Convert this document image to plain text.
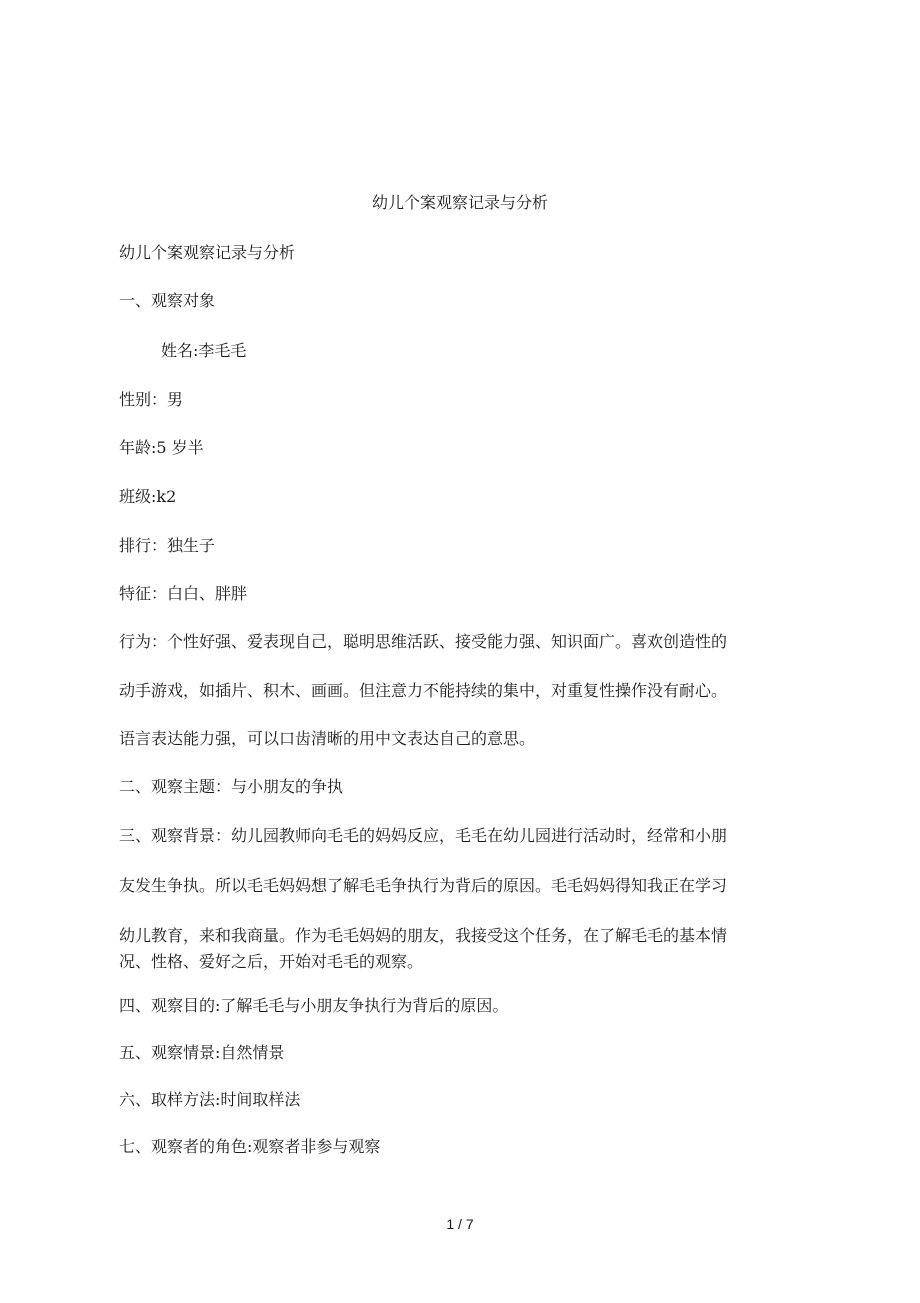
幼儿个案观察记录与分析
幼儿个案观察记录与分析
一、观察对象
姓名:李毛毛
性别：男
年龄:5 岁半
班级:k2
排行：独生子
特征：白白、胖胖
行为：个性好强、爱表现自己，聪明思维活跃、接受能力强、知识面广。喜欢创造性的
动手游戏，如插片、积木、画画。但注意力不能持续的集中，对重复性操作没有耐心。
语言表达能力强，可以口齿清晰的用中文表达自己的意思。
二、观察主题：与小朋友的争执
三、观察背景：幼儿园教师向毛毛的妈妈反应，毛毛在幼儿园进行活动时，经常和小朋
友发生争执。所以毛毛妈妈想了解毛毛争执行为背后的原因。毛毛妈妈得知我正在学习
幼儿教育，来和我商量。作为毛毛妈妈的朋友，我接受这个任务，在了解毛毛的基本情
况、性格、爱好之后，开始对毛毛的观察。
四、观察目的:了解毛毛与小朋友争执行为背后的原因。
五、观察情景:自然情景
六、取样方法:时间取样法
七、观察者的角色:观察者非参与观察
1 / 7
